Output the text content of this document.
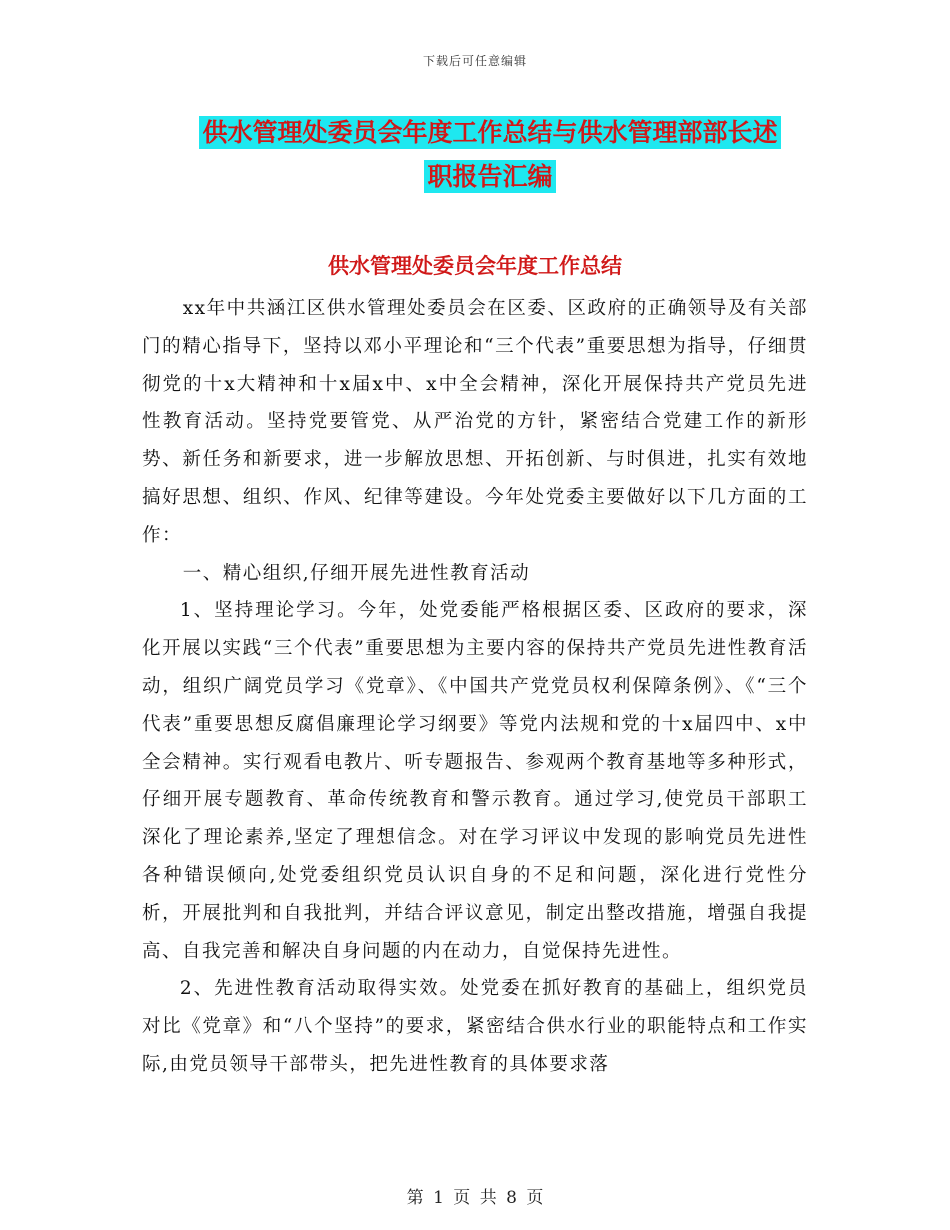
下载后可任意编辑
供水管理处委员会年度工作总结与供水管理部部长述
职报告汇编
供水管理处委员会年度工作总结

xx年中共涵江区供水管理处委员会在区委、区政府的正确领导及有关部门的精心指导下，坚持以邓小平理论和“三个代表”重要思想为指导，仔细贯彻党的十x大精神和十x届x中、x中全会精神，深化开展保持共产党员先进性教育活动。坚持党要管党、从严治党的方针，紧密结合党建工作的新形势、新任务和新要求，进一步解放思想、开拓创新、与时俱进，扎实有效地搞好思想、组织、作风、纪律等建设。今年处党委主要做好以下几方面的工作：

一、精心组织,仔细开展先进性教育活动

1、坚持理论学习。今年，处党委能严格根据区委、区政府的要求，深化开展以实践“三个代表”重要思想为主要内容的保持共产党员先进性教育活动，组织广阔党员学习《党章》、《中国共产党党员权利保障条例》、《“三个代表”重要思想反腐倡廉理论学习纲要》等党内法规和党的十x届四中、x中全会精神。实行观看电教片、听专题报告、参观两个教育基地等多种形式，仔细开展专题教育、革命传统教育和警示教育。通过学习,使党员干部职工深化了理论素养,坚定了理想信念。对在学习评议中发现的影响党员先进性各种错误倾向,处党委组织党员认识自身的不足和问题，深化进行党性分析，开展批判和自我批判，并结合评议意见，制定出整改措施，增强自我提高、自我完善和解决自身问题的内在动力，自觉保持先进性。

2、先进性教育活动取得实效。处党委在抓好教育的基础上，组织党员对比《党章》和“八个坚持”的要求，紧密结合供水行业的职能特点和工作实际,由党员领导干部带头，把先进性教育的具体要求落

第 1 页 共 8 页
